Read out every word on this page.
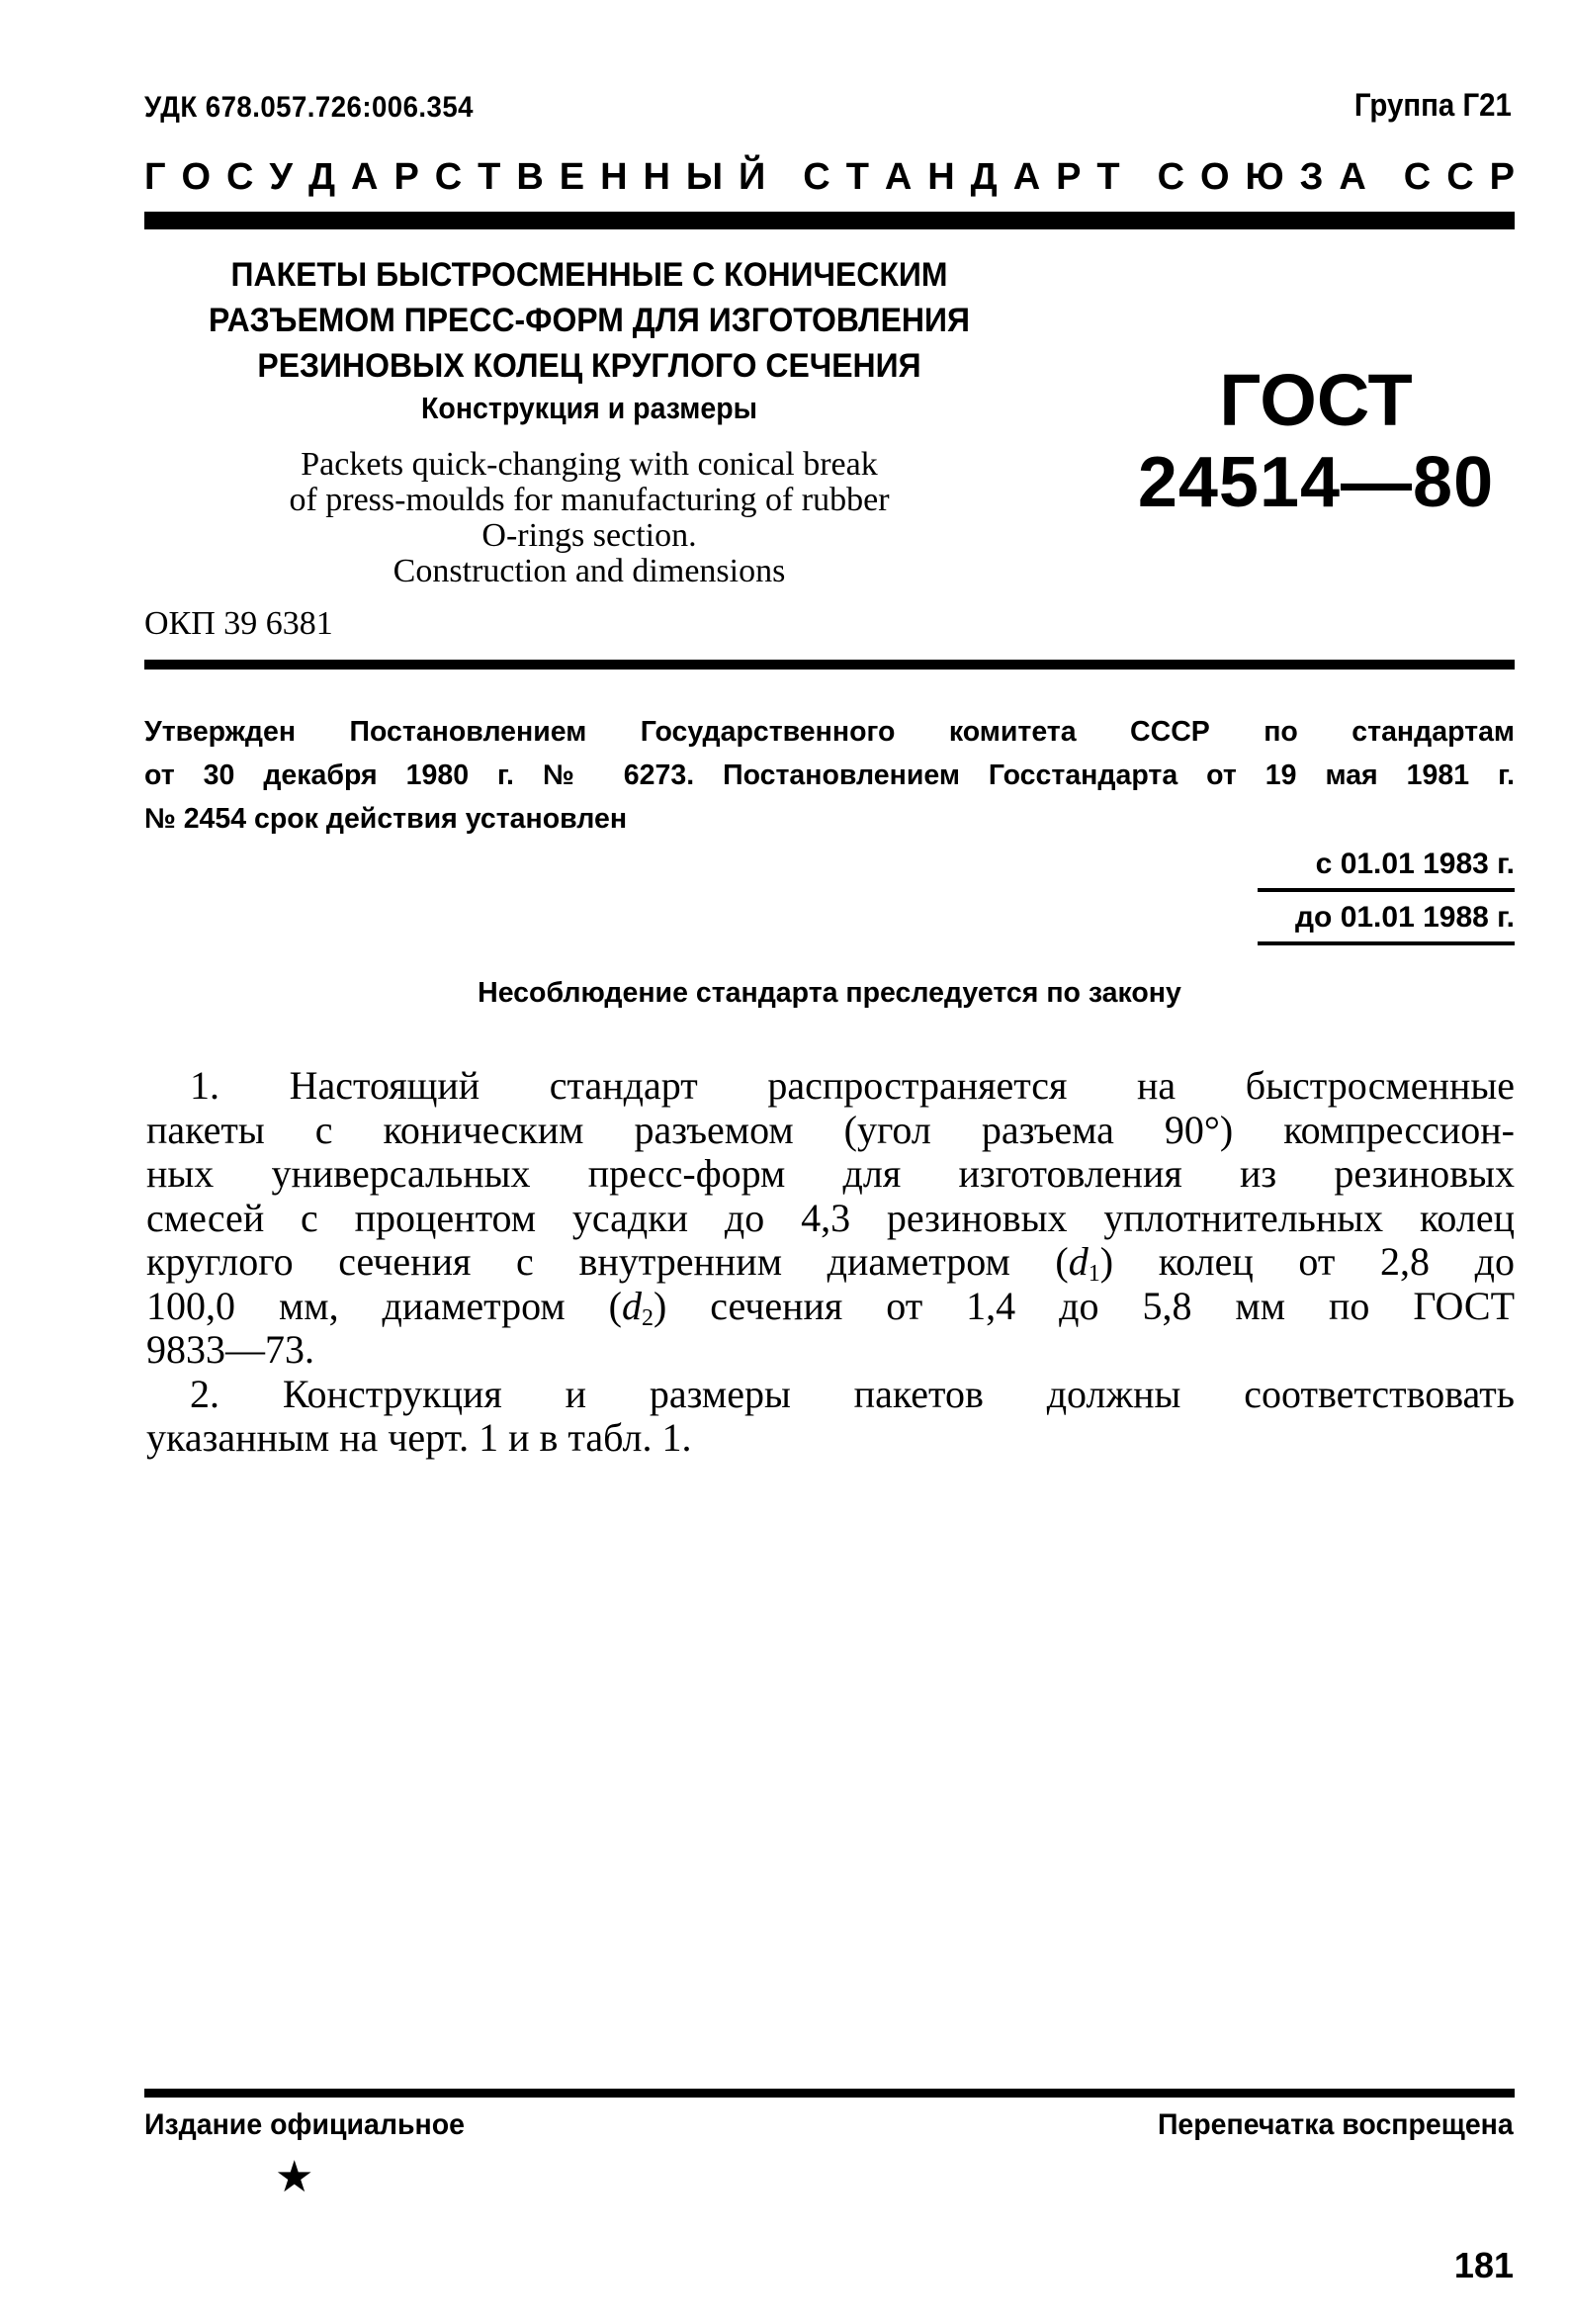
УДК 678.057.726:006.354	Группа Г21
Г О С У Д А Р С Т В Е Н Н Ы Й С Т А Н Д А Р Т С О Ю З А С С Р
ПАКЕТЫ БЫСТРОСМЕННЫЕ С КОНИЧЕСКИМ
РАЗЪЕМОМ ПРЕСС-ФОРМ ДЛЯ ИЗГОТОВЛЕНИЯ
РЕЗИНОВЫХ КОЛЕЦ КРУГЛОГО СЕЧЕНИЯ
Конструкция и размеры
Packets quick-changing with conical break
of press-moulds for manufacturing of rubber
O-rings section.
Construction and dimensions
ОКП 39 6381
ГОСТ
24514—80
Утвержден Постановлением Государственного комитета СССР по стандартам
от 30 декабря 1980 г. № 6273. Постановлением Госстандарта от 19 мая 1981 г.
№ 2454 срок действия установлен
с 01.01 1983 г.
до 01.01 1988 г.
Несоблюдение стандарта преследуется по закону
1. Настоящий стандарт распространяется на быстросменные
пакеты с коническим разъемом (угол разъема 90°) компрессион-
ных универсальных пресс-форм для изготовления из резиновых
смесей с процентом усадки до 4,3 резиновых уплотнительных колец
круглого сечения с внутренним диаметром $(d_1)$ колец от 2,8 до
100,0 мм, диаметром $(d_2)$ сечения от 1,4 до 5,8 мм по ГОСТ
9833—73.
2. Конструкция и размеры пакетов должны соответствовать
указанным на черт. 1 и в табл. 1.
Издание официальное	Перепечатка воспрещена
★
181
